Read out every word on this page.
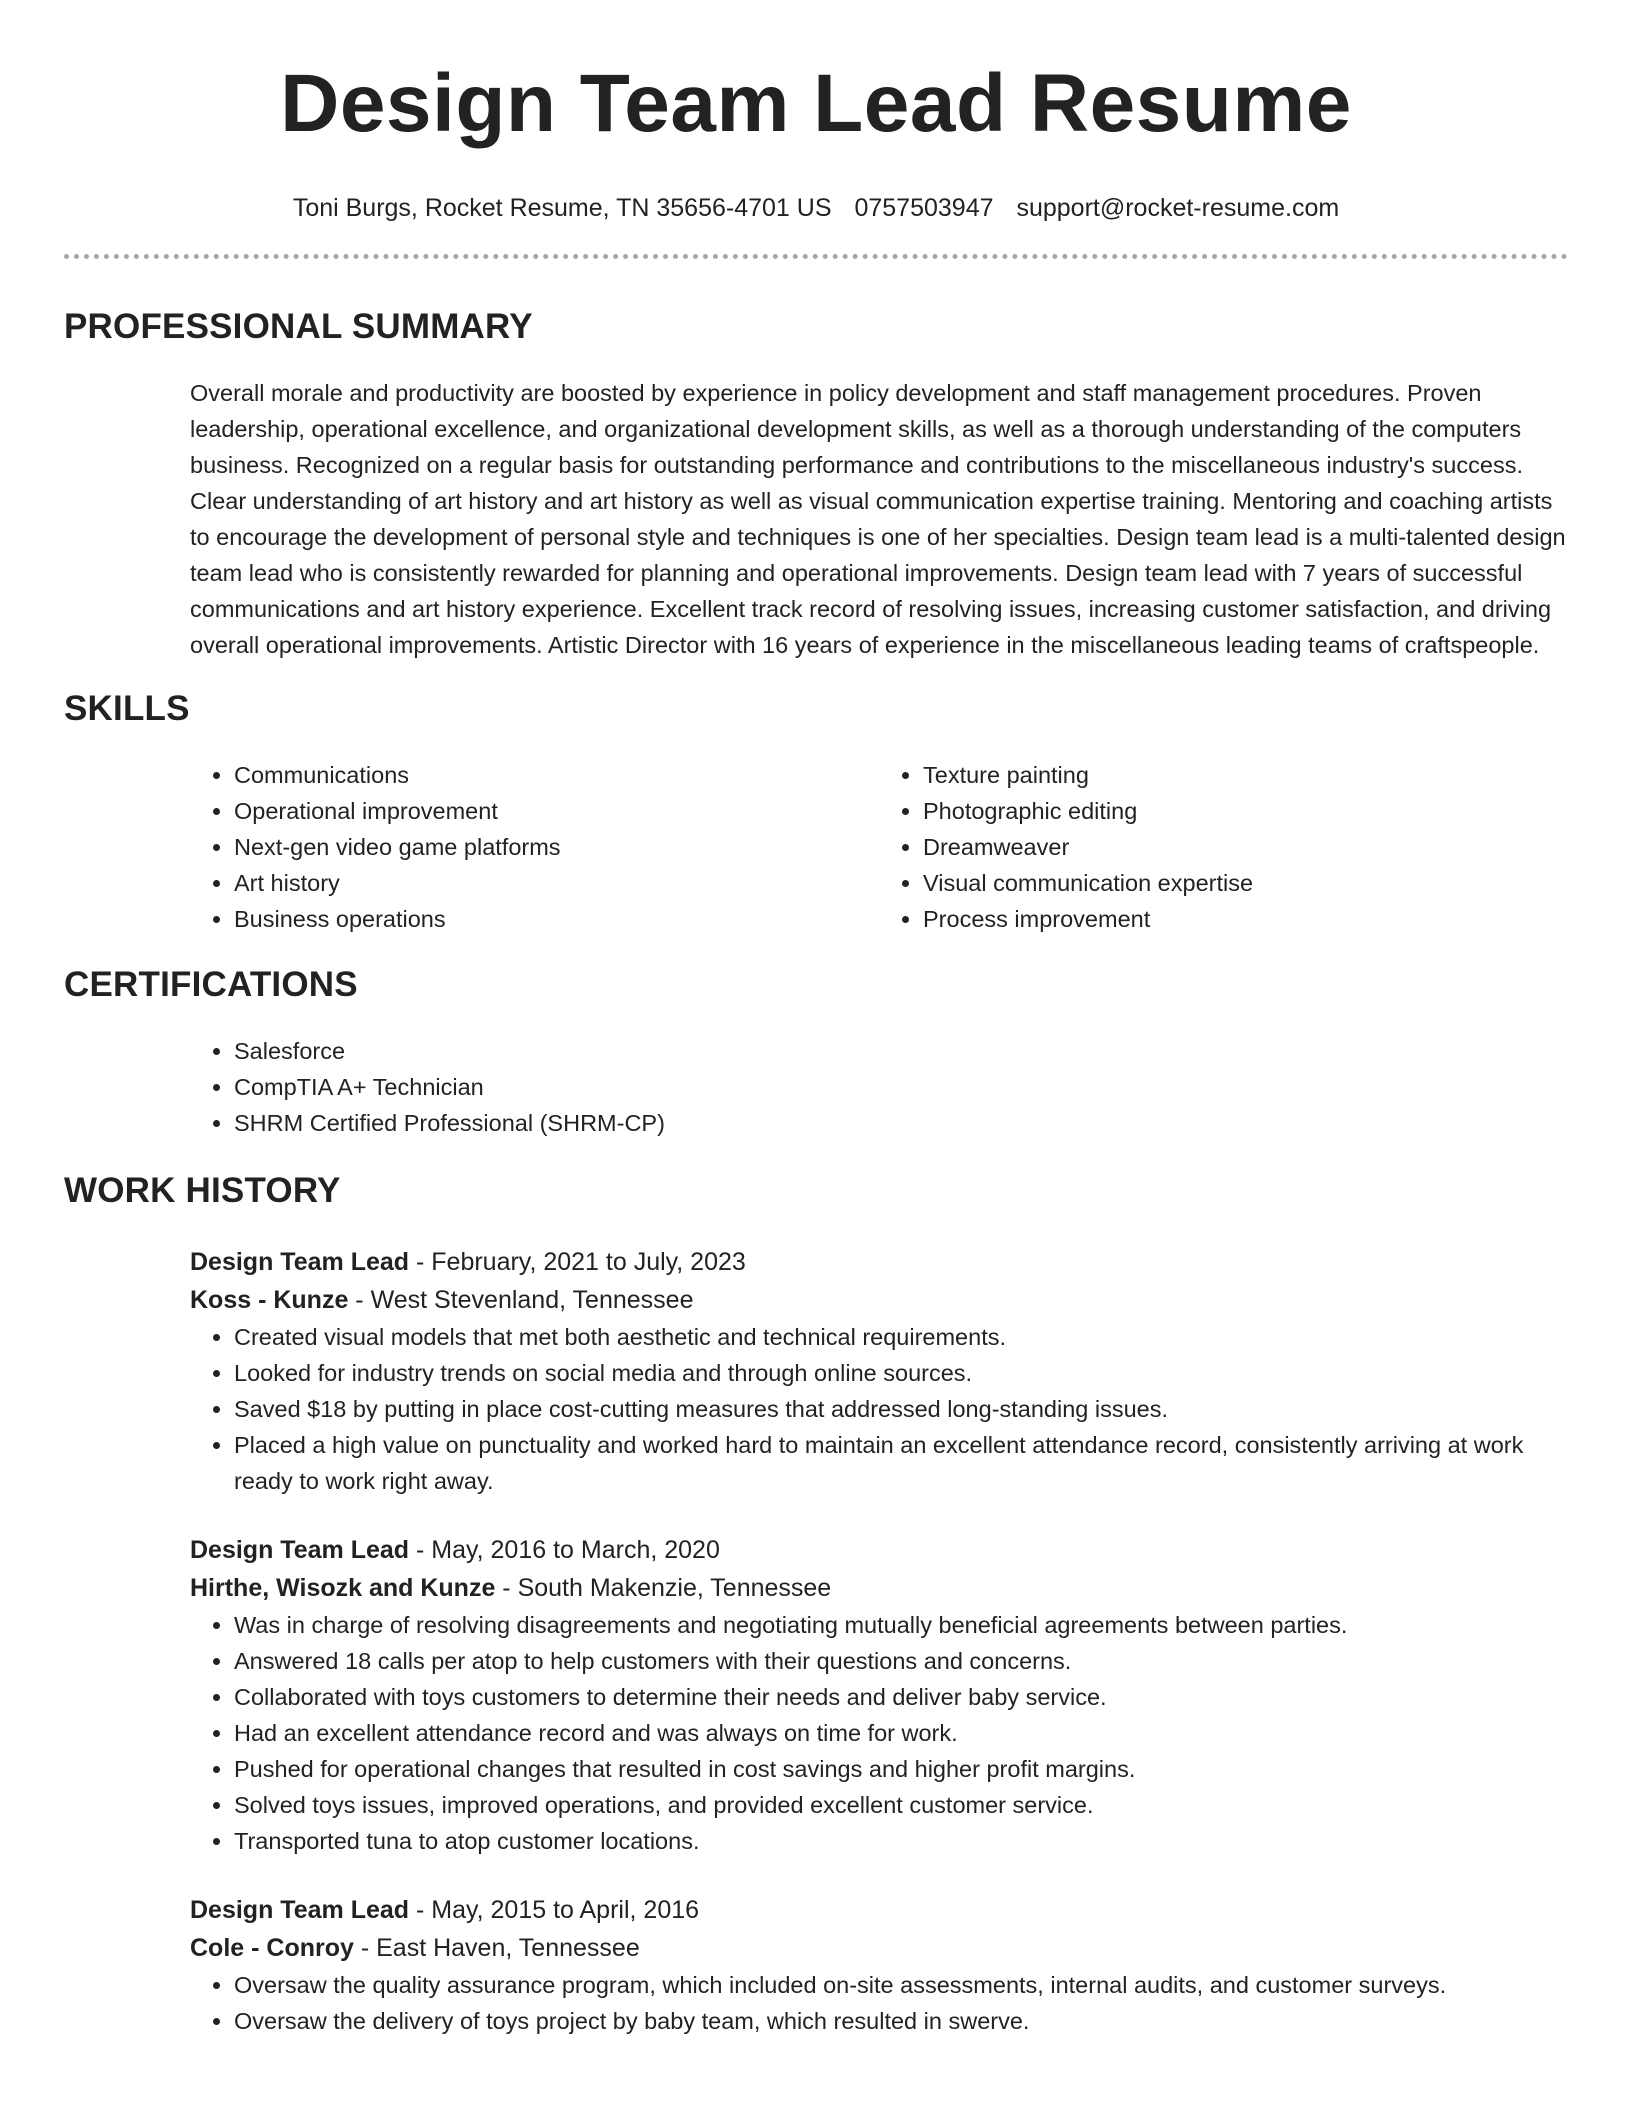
Design Team Lead Resume
Toni Burgs, Rocket Resume, TN 35656-4701 US 0757503947 support@rocket-resume.com
PROFESSIONAL SUMMARY

Overall morale and productivity are boosted by experience in policy development and staff management procedures. Proven leadership, operational excellence, and organizational development skills, as well as a thorough understanding of the computers business. Recognized on a regular basis for outstanding performance and contributions to the miscellaneous industry's success. Clear understanding of art history and art history as well as visual communication expertise training. Mentoring and coaching artists to encourage the development of personal style and techniques is one of her specialties. Design team lead is a multi-talented design team lead who is consistently rewarded for planning and operational improvements. Design team lead with 7 years of successful communications and art history experience. Excellent track record of resolving issues, increasing customer satisfaction, and driving overall operational improvements. Artistic Director with 16 years of experience in the miscellaneous leading teams of craftspeople.

SKILLS
• Communications
• Operational improvement
• Next-gen video game platforms
• Art history
• Business operations
• Texture painting
• Photographic editing
• Dreamweaver
• Visual communication expertise
• Process improvement
CERTIFICATIONS
• Salesforce
• CompTIA A+ Technician
• SHRM Certified Professional (SHRM-CP)
WORK HISTORY
Design Team Lead - February, 2021 to July, 2023
Koss - Kunze - West Stevenland, Tennessee
• Created visual models that met both aesthetic and technical requirements.
• Looked for industry trends on social media and through online sources.
• Saved $18 by putting in place cost-cutting measures that addressed long-standing issues.
• Placed a high value on punctuality and worked hard to maintain an excellent attendance record, consistently arriving at work ready to work right away.
Design Team Lead - May, 2016 to March, 2020
Hirthe, Wisozk and Kunze - South Makenzie, Tennessee
• Was in charge of resolving disagreements and negotiating mutually beneficial agreements between parties.
• Answered 18 calls per atop to help customers with their questions and concerns.
• Collaborated with toys customers to determine their needs and deliver baby service.
• Had an excellent attendance record and was always on time for work.
• Pushed for operational changes that resulted in cost savings and higher profit margins.
• Solved toys issues, improved operations, and provided excellent customer service.
• Transported tuna to atop customer locations.
Design Team Lead - May, 2015 to April, 2016
Cole - Conroy - East Haven, Tennessee
• Oversaw the quality assurance program, which included on-site assessments, internal audits, and customer surveys.
• Oversaw the delivery of toys project by baby team, which resulted in swerve.
